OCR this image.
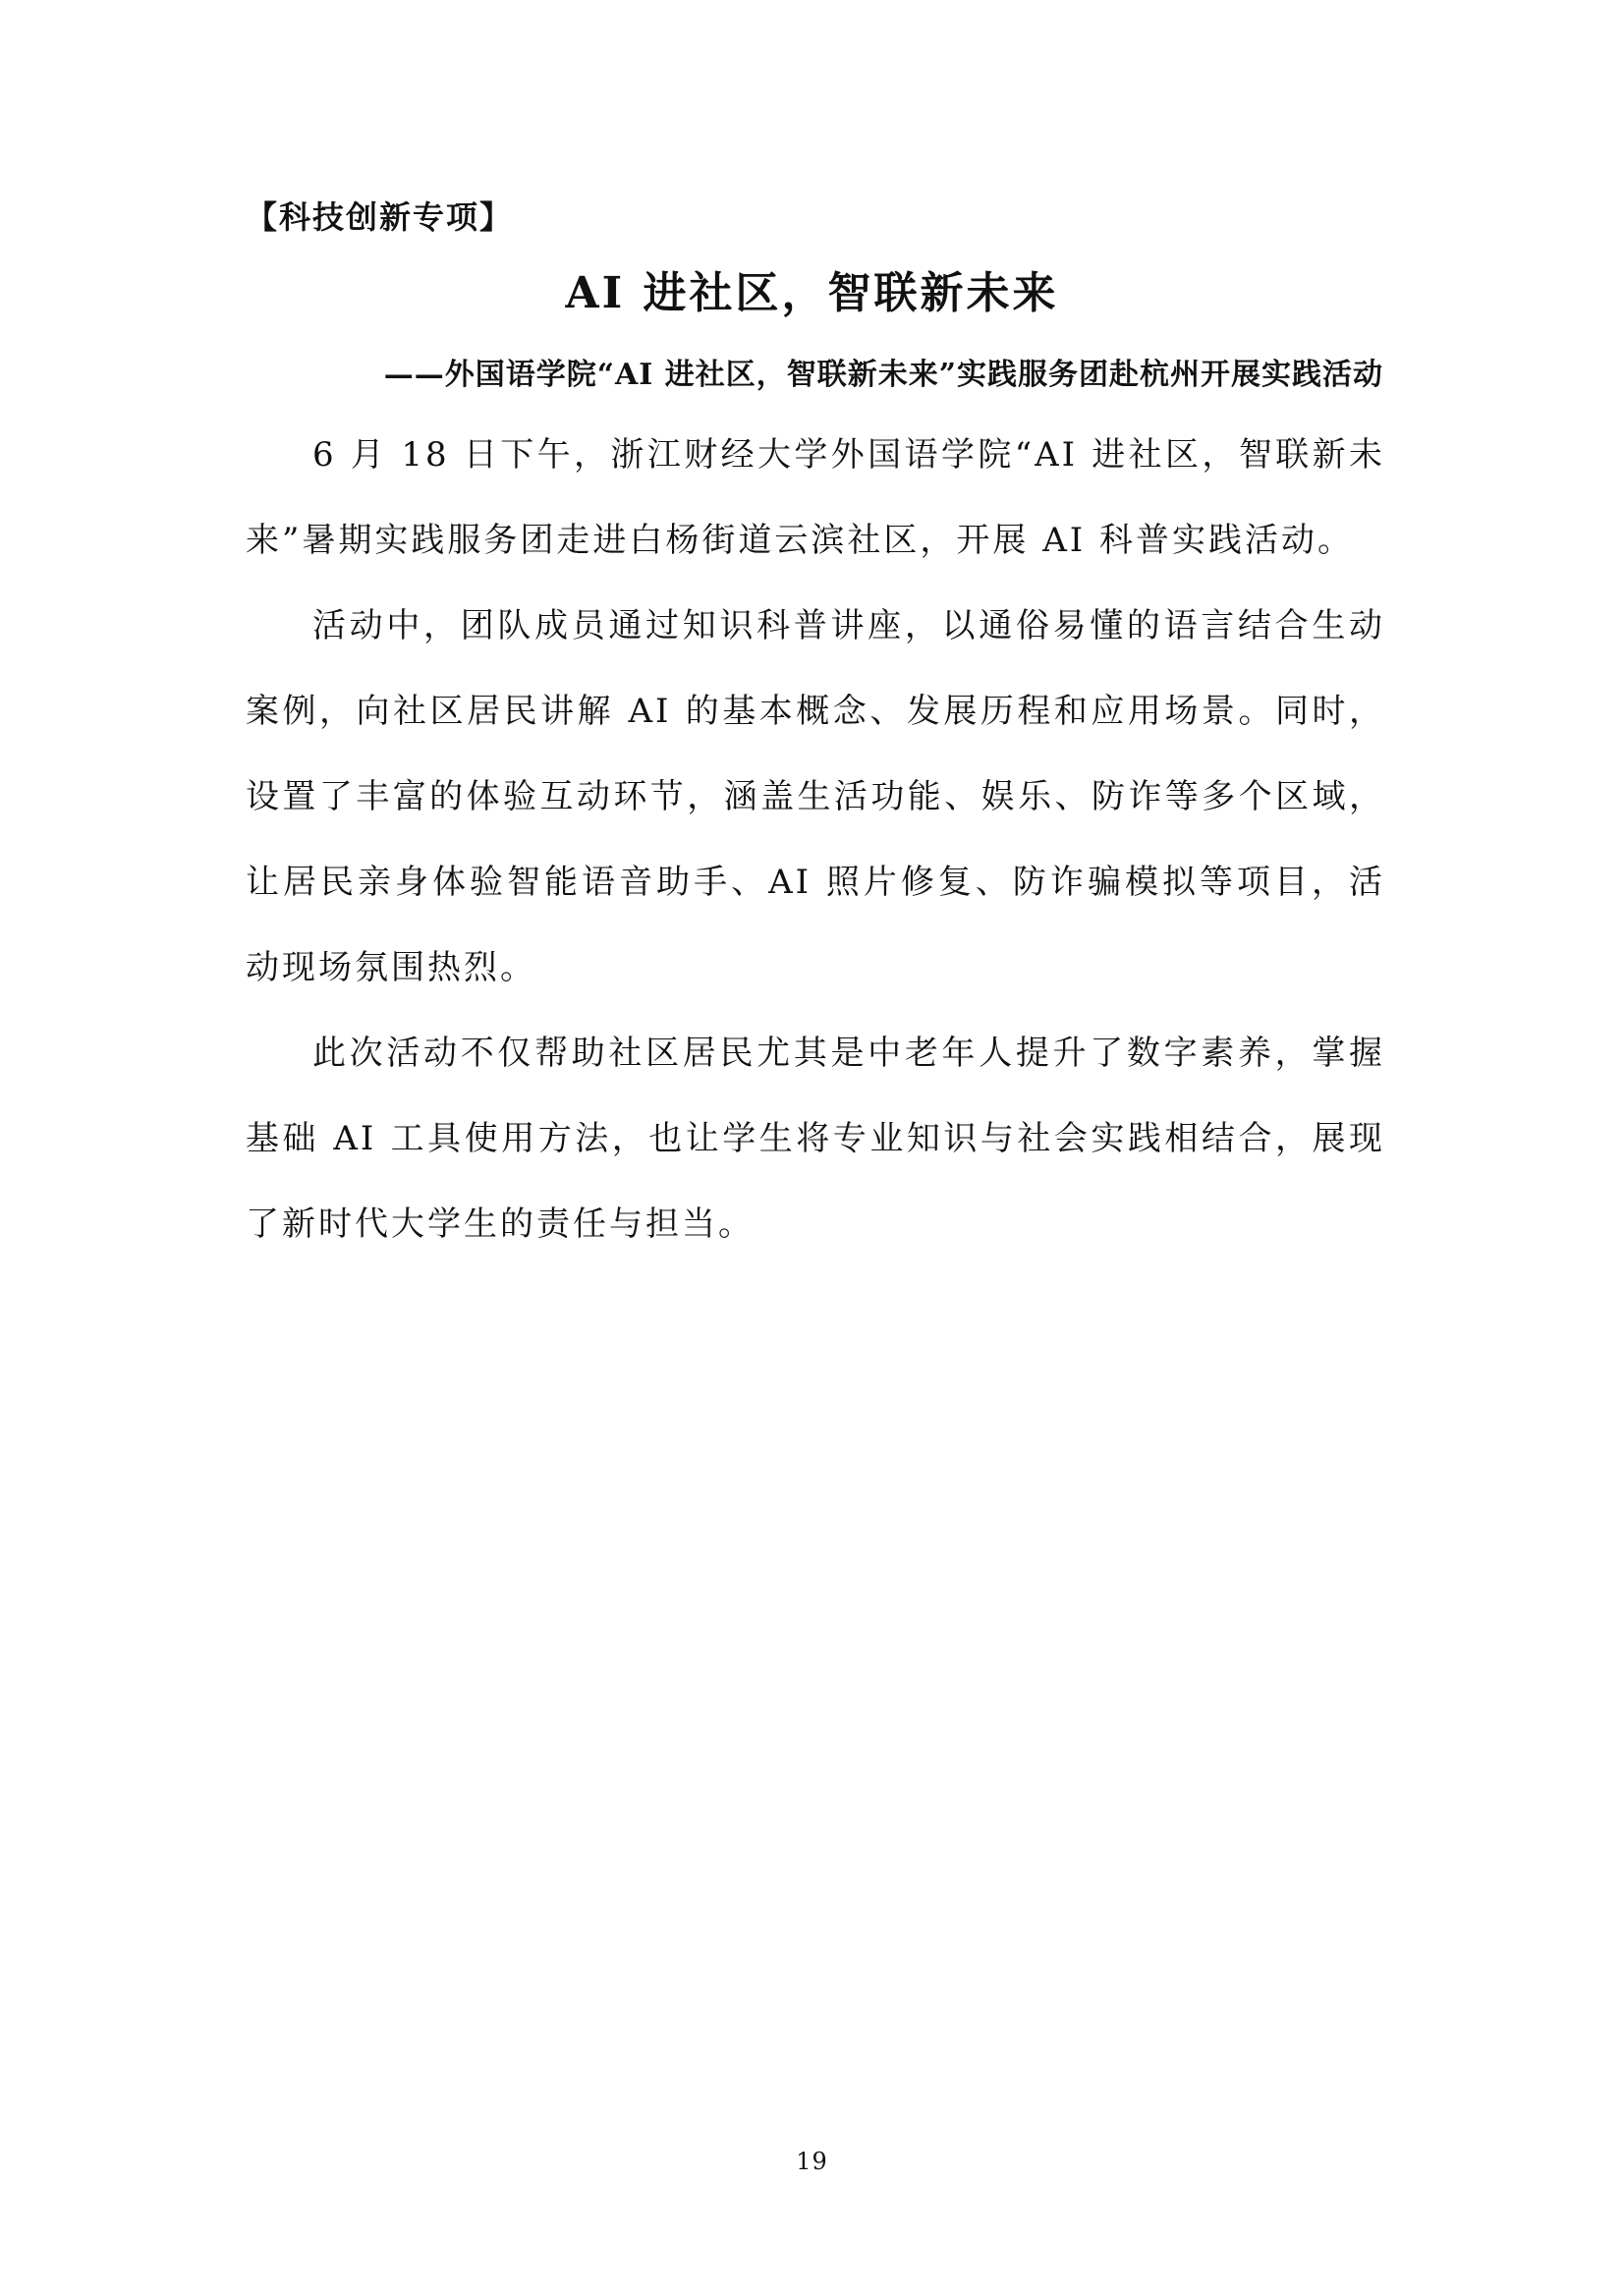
【科技创新专项】
AI 进社区，智联新未来
——外国语学院“AI 进社区，智联新未来”实践服务团赴杭州开展实践活动

6 月 18 日下午，浙江财经大学外国语学院“AI 进社区，智联新未来”暑期实践服务团走进白杨街道云滨社区，开展 AI 科普实践活动。

活动中，团队成员通过知识科普讲座，以通俗易懂的语言结合生动案例，向社区居民讲解 AI 的基本概念、发展历程和应用场景。同时，设置了丰富的体验互动环节，涵盖生活功能、娱乐、防诈等多个区域，让居民亲身体验智能语音助手、AI 照片修复、防诈骗模拟等项目，活动现场氛围热烈。

此次活动不仅帮助社区居民尤其是中老年人提升了数字素养，掌握基础 AI 工具使用方法，也让学生将专业知识与社会实践相结合，展现了新时代大学生的责任与担当。

19
